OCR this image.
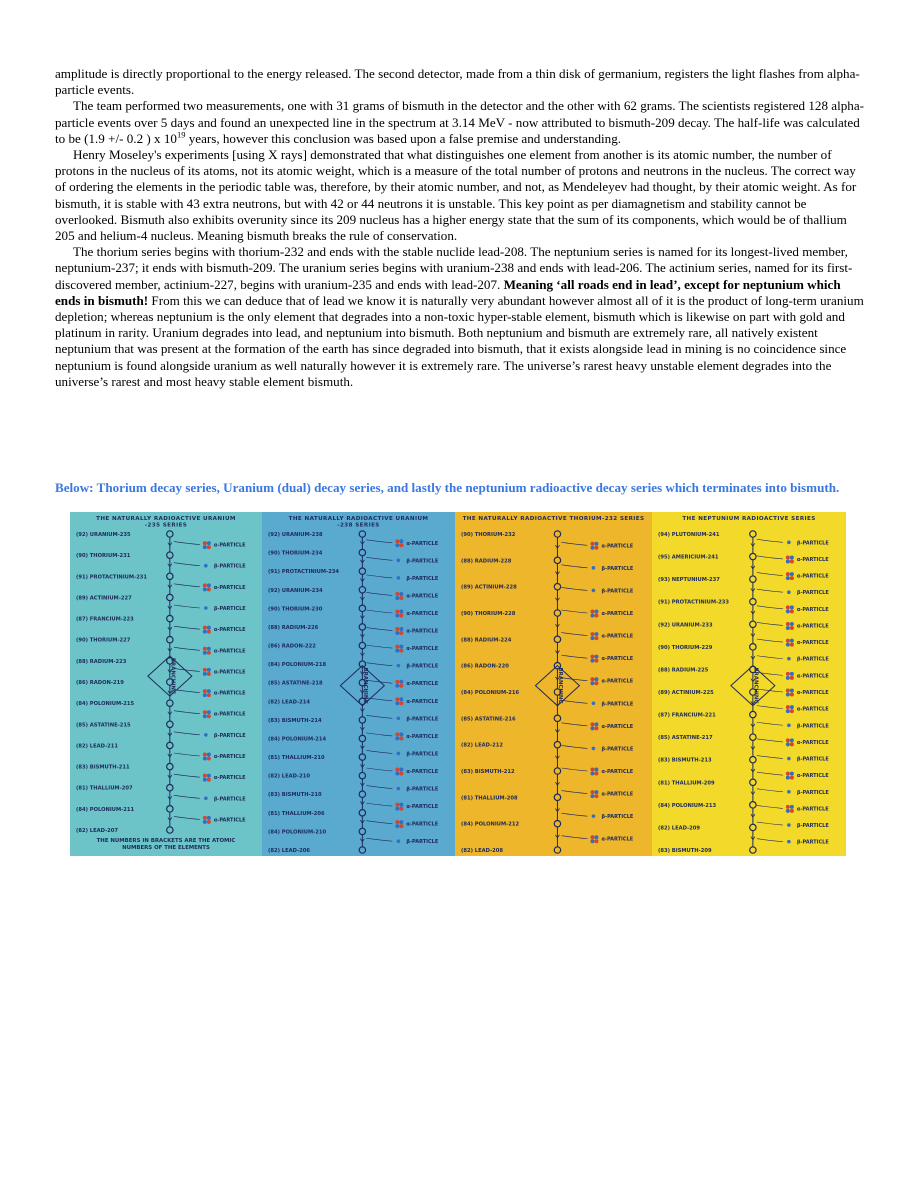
amplitude is directly proportional to the energy released. The second detector, made from a thin disk of germanium, registers the light flashes from alpha-particle events.

The team performed two measurements, one with 31 grams of bismuth in the detector and the other with 62 grams. The scientists registered 128 alpha-particle events over 5 days and found an unexpected line in the spectrum at 3.14 MeV - now attributed to bismuth-209 decay. The half-life was calculated to be (1.9 +/- 0.2 ) x $10^{19}$ years, however this conclusion was based upon a false premise and understanding.

Henry Moseley's experiments [using X rays] demonstrated that what distinguishes one element from another is its atomic number, the number of protons in the nucleus of its atoms, not its atomic weight, which is a measure of the total number of protons and neutrons in the nucleus. The correct way of ordering the elements in the periodic table was, therefore, by their atomic number, and not, as Mendeleyev had thought, by their atomic weight. As for bismuth, it is stable with 43 extra neutrons, but with 42 or 44 neutrons it is unstable. This key point as per diamagnetism and stability cannot be overlooked. Bismuth also exhibits overunity since its 209 nucleus has a higher energy state that the sum of its components, which would be of thallium 205 and helium-4 nucleus. Meaning bismuth breaks the rule of conservation.

The thorium series begins with thorium-232 and ends with the stable nuclide lead-208. The neptunium series is named for its longest-lived member, neptunium-237; it ends with bismuth-209. The uranium series begins with uranium-238 and ends with lead-206. The actinium series, named for its first-discovered member, actinium-227, begins with uranium-235 and ends with lead-207. Meaning ‘all roads end in lead’, except for neptunium which ends in bismuth! From this we can deduce that of lead we know it is naturally very abundant however almost all of it is the product of long-term uranium depletion; whereas neptunium is the only element that degrades into a non-toxic hyper-stable element, bismuth which is likewise on part with gold and platinum in rarity. Uranium degrades into lead, and neptunium into bismuth. Both neptunium and bismuth are extremely rare, all natively existent neptunium that was present at the formation of the earth has since degraded into bismuth, that it exists alongside lead in mining is no coincidence since neptunium is found alongside uranium as well naturally however it is extremely rare. The universe’s rarest heavy unstable element degrades into the universe’s rarest and most heavy stable element bismuth.

Below: Thorium decay series, Uranium (dual) decay series, and lastly the neptunium radioactive decay series which terminates into bismuth.

THE NATURALLY RADIOACTIVE URANIUM
-235 SERIES
(92) URANIUM-235
(90) THORIUM-231
(91) PROTACTINIUM-231
(89) ACTINIUM-227
(87) FRANCIUM-223
(90) THORIUM-227
(88) RADIUM-223
(86) RADON-219
(84) POLONIUM-215
(85) ASTATINE-215
(82) LEAD-211
(83) BISMUTH-211
(81) THALLIUM-207
(84) POLONIUM-211
(82) LEAD-207
α-PARTICLE
β-PARTICLE
α-PARTICLE
β-PARTICLE
α-PARTICLE
α-PARTICLE
α-PARTICLE
α-PARTICLE
α-PARTICLE
β-PARTICLE
α-PARTICLE
α-PARTICLE
β-PARTICLE
α-PARTICLE
BRANCHING
THE NUMBERS IN BRACKETS ARE THE ATOMIC
NUMBERS OF THE ELEMENTS
THE NATURALLY RADIOACTIVE URANIUM
-238 SERIES
(92) URANIUM-238
(90) THORIUM-234
(91) PROTACTINIUM-234
(92) URANIUM-234
(90) THORIUM-230
(88) RADIUM-226
(86) RADON-222
(84) POLONIUM-218
(85) ASTATINE-218
(82) LEAD-214
(83) BISMUTH-214
(84) POLONIUM-214
(81) THALLIUM-210
(82) LEAD-210
(83) BISMUTH-210
(81) THALLIUM-206
(84) POLONIUM-210
(82) LEAD-206
α-PARTICLE
β-PARTICLE
β-PARTICLE
α-PARTICLE
α-PARTICLE
α-PARTICLE
α-PARTICLE
β-PARTICLE
α-PARTICLE
α-PARTICLE
β-PARTICLE
α-PARTICLE
β-PARTICLE
α-PARTICLE
β-PARTICLE
α-PARTICLE
α-PARTICLE
β-PARTICLE
BRANCHING
THE NATURALLY RADIOACTIVE THORIUM-232 SERIES
(90) THORIUM-232
(88) RADIUM-228
(89) ACTINIUM-228
(90) THORIUM-228
(88) RADIUM-224
(86) RADON-220
(84) POLONIUM-216
(85) ASTATINE-216
(82) LEAD-212
(83) BISMUTH-212
(81) THALLIUM-208
(84) POLONIUM-212
(82) LEAD-208
α-PARTICLE
β-PARTICLE
β-PARTICLE
α-PARTICLE
α-PARTICLE
α-PARTICLE
α-PARTICLE
β-PARTICLE
α-PARTICLE
β-PARTICLE
α-PARTICLE
α-PARTICLE
β-PARTICLE
α-PARTICLE
BRANCHING
THE NEPTUNIUM RADIOACTIVE SERIES
(94) PLUTONIUM-241
(95) AMERICIUM-241
(93) NEPTUNIUM-237
(91) PROTACTINIUM-233
(92) URANIUM-233
(90) THORIUM-229
(88) RADIUM-225
(89) ACTINIUM-225
(87) FRANCIUM-221
(85) ASTATINE-217
(83) BISMUTH-213
(81) THALLIUM-209
(84) POLONIUM-213
(82) LEAD-209
(83) BISMUTH-209
β-PARTICLE
α-PARTICLE
α-PARTICLE
β-PARTICLE
α-PARTICLE
α-PARTICLE
α-PARTICLE
β-PARTICLE
α-PARTICLE
α-PARTICLE
α-PARTICLE
β-PARTICLE
α-PARTICLE
β-PARTICLE
α-PARTICLE
β-PARTICLE
α-PARTICLE
β-PARTICLE
β-PARTICLE
BRANCHING
